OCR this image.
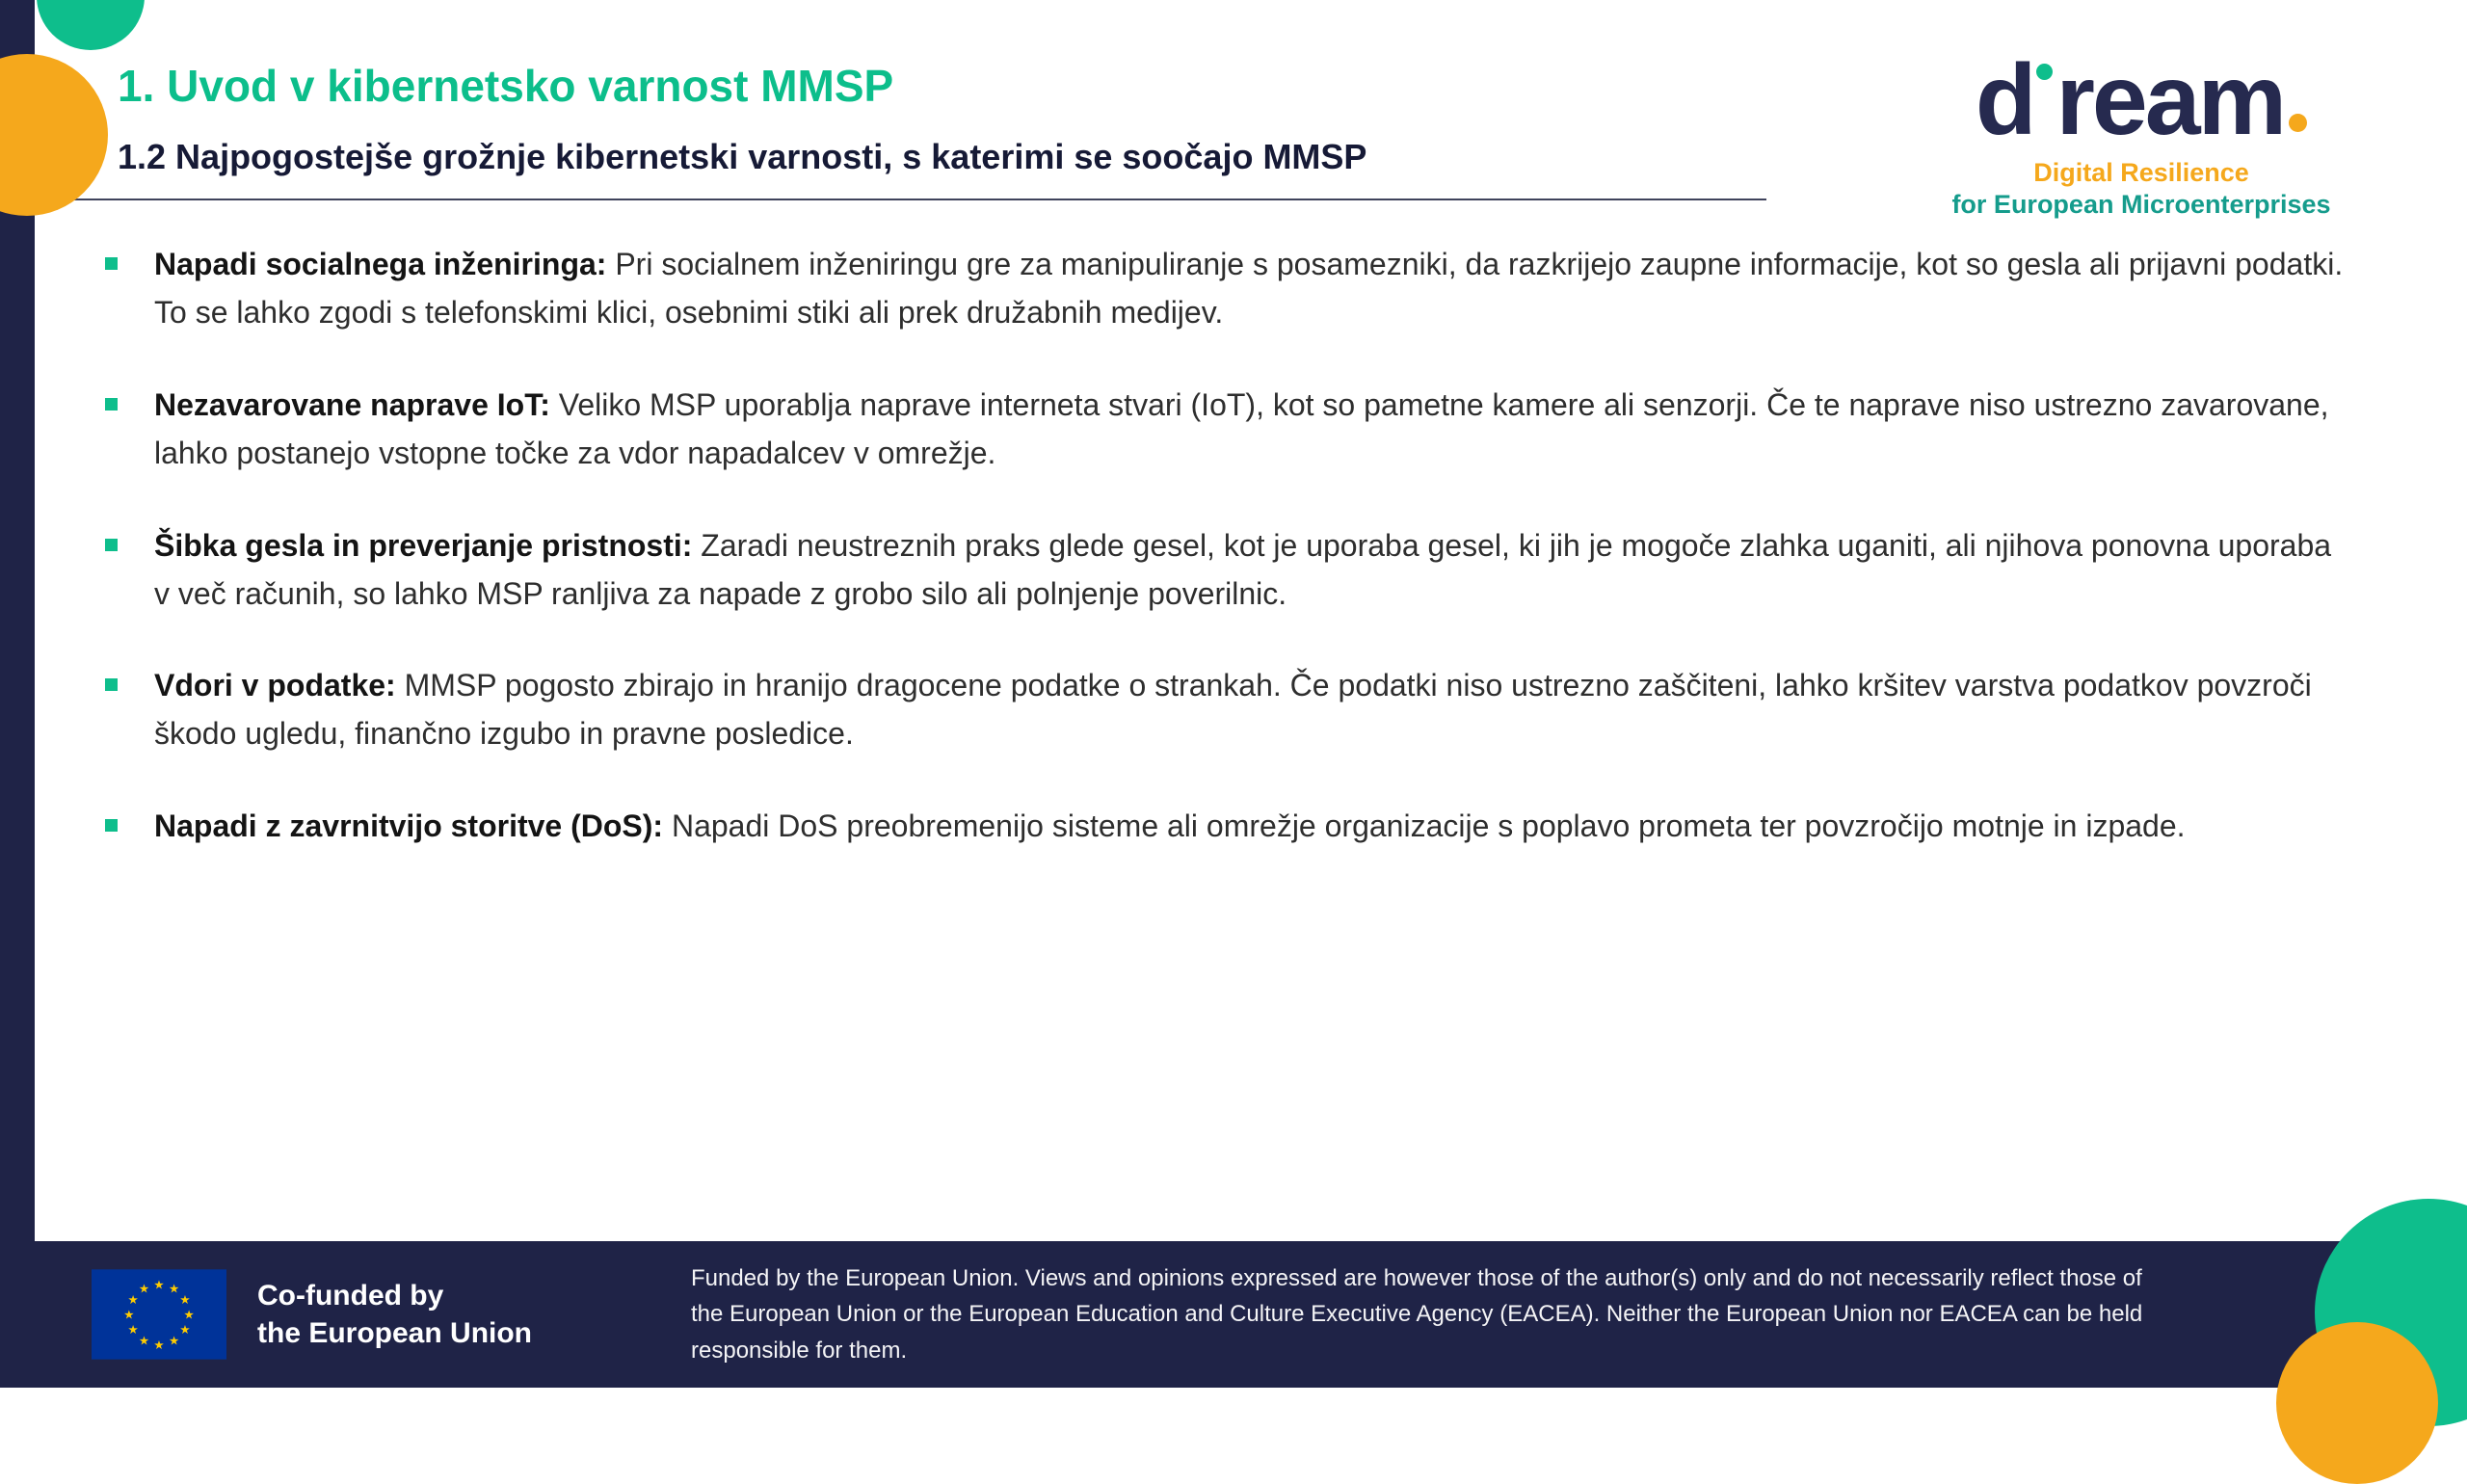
d ream
Digital Resilience
for European Microenterprises
1. Uvod v kibernetsko varnost MMSP
1.2 Najpogostejše grožnje kibernetski varnosti, s katerimi se soočajo MMSP
Napadi socialnega inženiringa: Pri socialnem inženiringu gre za manipuliranje s posamezniki, da razkrijejo zaupne informacije, kot so gesla ali prijavni podatki. To se lahko zgodi s telefonskimi klici, osebnimi stiki ali prek družabnih medijev.
Nezavarovane naprave IoT: Veliko MSP uporablja naprave interneta stvari (IoT), kot so pametne kamere ali senzorji. Če te naprave niso ustrezno zavarovane, lahko postanejo vstopne točke za vdor napadalcev v omrežje.
Šibka gesla in preverjanje pristnosti: Zaradi neustreznih praks glede gesel, kot je uporaba gesel, ki jih je mogoče zlahka uganiti, ali njihova ponovna uporaba v več računih, so lahko MSP ranljiva za napade z grobo silo ali polnjenje poverilnic.
Vdori v podatke: MMSP pogosto zbirajo in hranijo dragocene podatke o strankah. Če podatki niso ustrezno zaščiteni, lahko kršitev varstva podatkov povzroči škodo ugledu, finančno izgubo in pravne posledice.
Napadi z zavrnitvijo storitve (DoS): Napadi DoS preobremenijo sisteme ali omrežje organizacije s poplavo prometa ter povzročijo motnje in izpade.
★ ★
★
★
★
★
★
★
★
★
★
★	Co-funded by
the European Union

Funded by the European Union. Views and opinions expressed are however those of the author(s) only and do not necessarily reflect those of the European Union or the European Education and Culture Executive Agency (EACEA). Neither the European Union nor EACEA can be held responsible for them.
